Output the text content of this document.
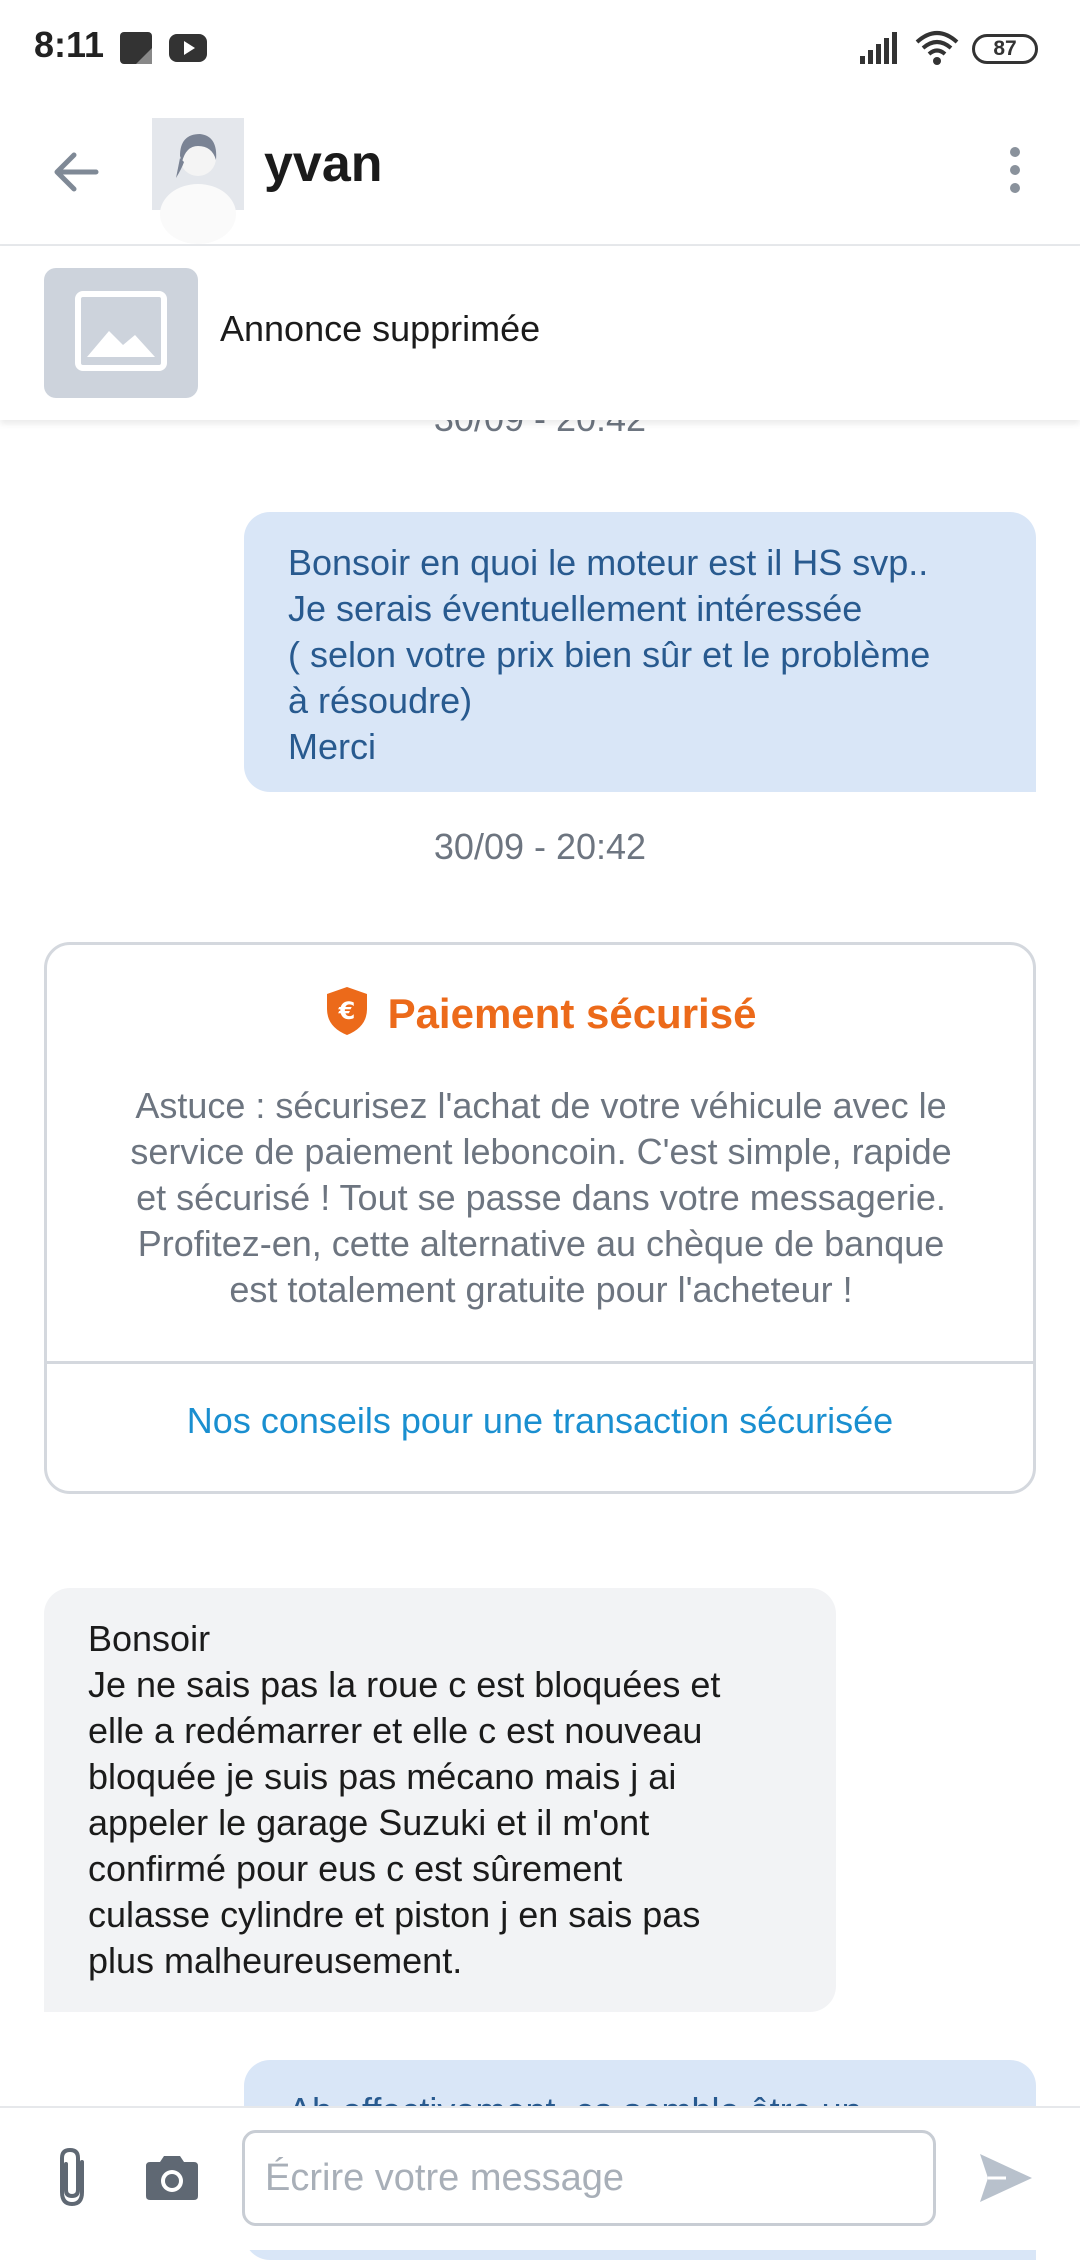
8:11	87
yvan
Annonce supprimée
Bonsoir en quoi le moteur est il HS svp..
Je serais éventuellement intéressée
( selon votre prix bien sûr et le problème
à résoudre)
Merci
30/09 - 20:42
€ Paiement sécurisé
Astuce : sécurisez l'achat de votre véhicule avec le
service de paiement leboncoin. C'est simple, rapide
et sécurisé ! Tout se passe dans votre messagerie.
Profitez-en, cette alternative au chèque de banque
est totalement gratuite pour l'acheteur !
Nos conseils pour une transaction sécurisée
Bonsoir
Je ne sais pas la roue c est bloquées et
elle a redémarrer et elle c est nouveau
bloquée je suis pas mécano mais j ai
appeler le garage Suzuki et il m'ont
confirmé pour eus c est sûrement
culasse cylindre et piston j en sais pas
plus malheureusement.
Écrire votre message
